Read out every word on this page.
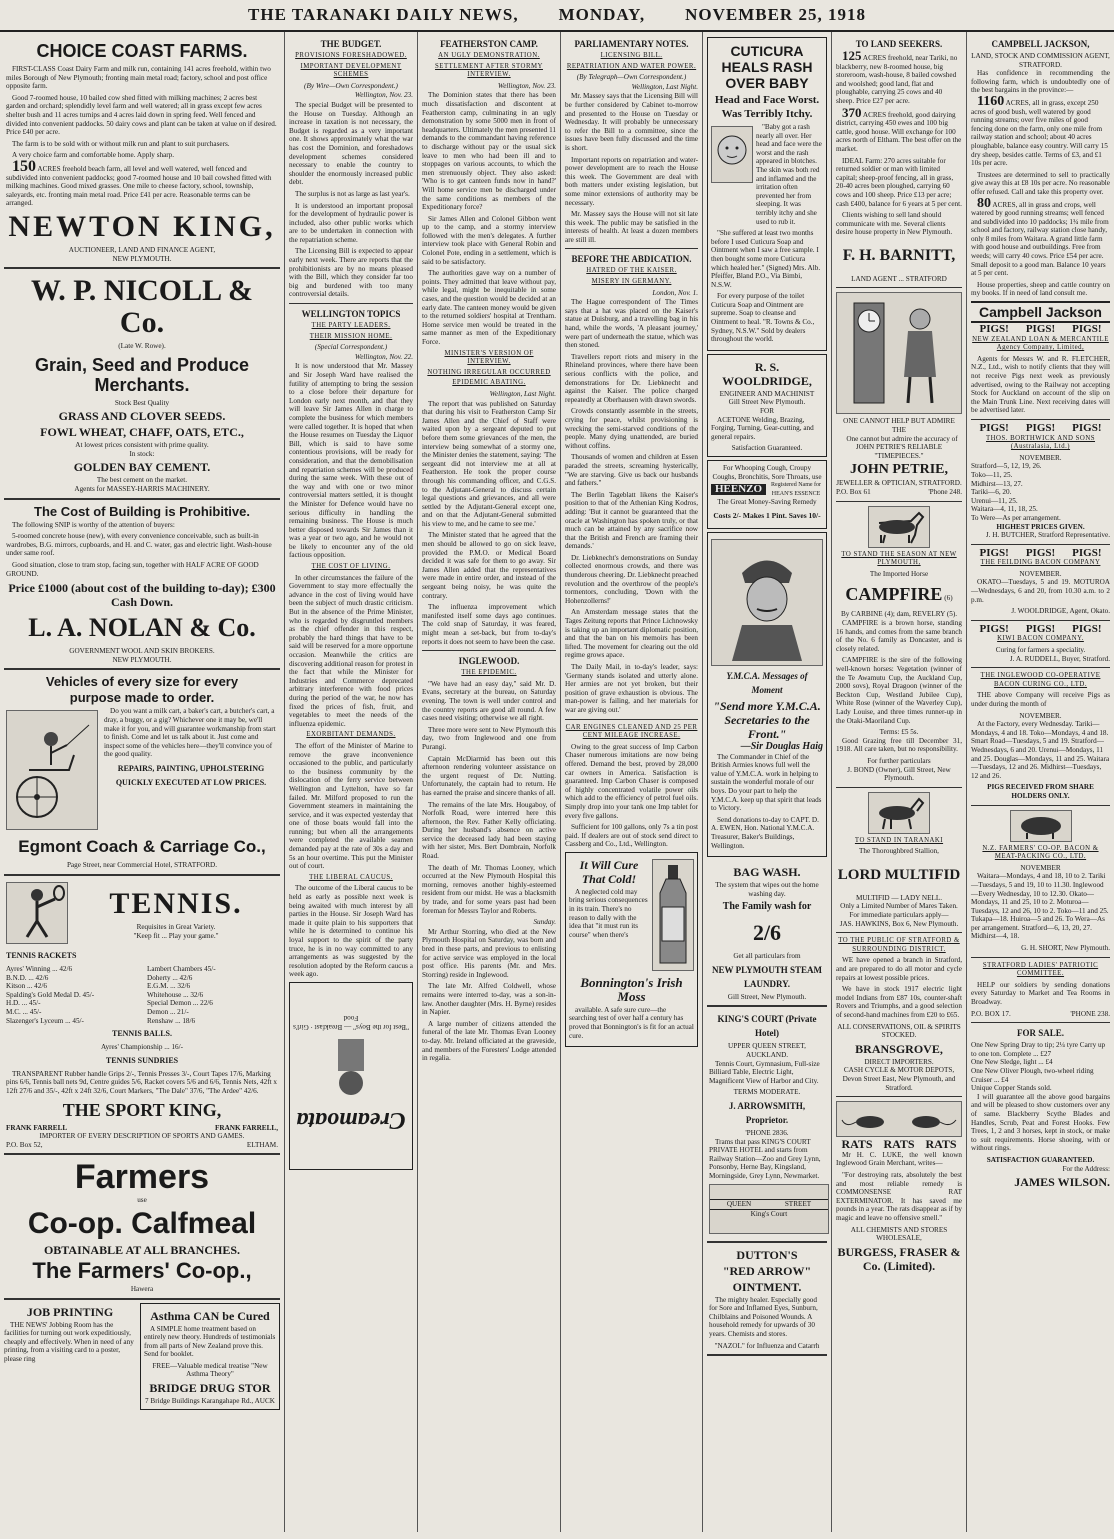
THE TARANAKI DAILY NEWS, MONDAY, NOVEMBER 25, 1918
CHOICE COAST FARMS.

FIRST-CLASS Coast Dairy Farm and milk run, containing 141 acres freehold, within two miles Borough of New Plymouth; fronting main metal road; factory, school and post office opposite farm.

Good 7-roomed house, 10 bailed cow shed fitted with milking machines; 2 acres best garden and orchard; splendidly level farm and well watered; all in grass except few acres shelter bush and 11 acres turnips and 4 acres laid down in spring feed. Well fenced and divided into convenient paddocks. 50 dairy cows and plant can be taken at value on if desired. Price £40 per acre.

The farm is to be sold with or without milk run and plant to suit purchasers.

A very choice farm and comfortable home. Apply sharp.

150 ACRES freehold beach farm, all level and well watered, well fenced and subdivided into convenient paddocks; good 7-roomed house and 10 bail cowshed fitted with milking machines. Good mixed grasses. One mile to cheese factory, school, township, saleyards, etc. fronting main metal road. Price £41 per acre. Reasonable terms can be arranged.

NEWTON KING,
AUCTIONEER, LAND AND FINANCE AGENT,
NEW PLYMOUTH.
W. P. NICOLL & Co.
(Late W. Rowe).
Grain, Seed and Produce Merchants.
Stock Best Quality
GRASS AND CLOVER SEEDS.
FOWL WHEAT, CHAFF, OATS, ETC.,
At lowest prices consistent with prime quality.
In stock:
GOLDEN BAY CEMENT.
The best cement on the market.
Agents for MASSEY-HARRIS MACHINERY.
The Cost of Building is Prohibitive.

The following SNIP is worthy of the attention of buyers:

5-roomed concrete house (new), with every convenience conceivable, such as built-in wardrobes, B.G. mirrors, cupboards, and H. and C. water, gas and electric light. Wash-house under same roof.

Good situation, close to tram stop, facing sun, together with HALF ACRE OF GOOD GROUND.

Price £1000 (about cost of the building to-day); £300 Cash Down.
L. A. NOLAN & Co.
GOVERNMENT WOOL AND SKIN BROKERS.
NEW PLYMOUTH.
Vehicles of every size for every
purpose made to order.

Do you want a milk cart, a baker's cart, a butcher's cart, a dray, a buggy, or a gig? Whichever one it may be, we'll make it for you, and will guarantee workmanship from start to finish. Come and let us talk about it. Just come and inspect some of the vehicles here—they'll convince you of the good quality.

REPAIRS, PAINTING, UPHOLSTERING QUICKLY EXECUTED AT LOW PRICES.
Egmont Coach & Carriage Co.,
Page Street, near Commercial Hotel, STRATFORD.
TENNIS.
Requisites in Great Variety.
"Keep fit ... Play your game."
TENNIS RACKETS
Ayres' Winning ... 42/6
B.N.D. ... 42/6
Kitson ... 42/6
Spalding's Gold Medal D. 45/-
H.D. ... 45/-
M.C. ... 45/-
Slazenger's Lyceum ... 45/-
Lambert Chambers 45/-
Doherty ... 42/6
E.G.M. ... 32/6
Whitehouse ... 32/6
Special Demon ... 22/6
Demon ... 21/-
Renshaw ... 18/6
TENNIS BALLS.
Ayres' Championship ... 16/-
TENNIS SUNDRIES

TRANSPARENT Rubber handle Grips 2/-, Tennis Presses 3/-, Court Tapes 17/6, Marking pins 6/6, Tennis ball nets 9d, Centre guides 5/6, Racket covers 5/6 and 6/6, Tennis Nets, 42ft x 12ft 27/6 and 35/-, 42ft x 24ft 32/6, Court Markers, "The Dale" 37/6, "The Ardee" 42/6.

THE SPORT KING,
FRANK FARRELL	FRANK FARRELL,
IMPORTER OF EVERY DESCRIPTION OF SPORTS AND GAMES.
P.O. Box 52,	ELTHAM.
Farmers
use
Co-op. Calfmeal
OBTAINABLE AT ALL BRANCHES.
The Farmers' Co-op.,
Hawera
JOB PRINTING

THE NEWS' Jobbing Room has the facilities for turning out work expeditiously, cheaply and effectively. When in need of any printing, from a visiting card to a poster, please ring

Asthma CAN be Cured

A SIMPLE home treatment based on entirely new theory. Hundreds of testimonials from all parts of New Zealand prove this. Send for booklet.

FREE—Valuable medical treatise "New Asthma Theory"
BRIDGE DRUG STOR
7 Bridge Buildings Karangahape Rd., AUCK
THE BUDGET.
PROVISIONS FORESHADOWED.
IMPORTANT DEVELOPMENT SCHEMES
(By Wire—Own Correspondent.)
Wellington, Nov. 23.

The special Budget will be presented to the House on Tuesday. Although an increase in taxation is not necessary, the Budget is regarded as a very important one. It shows approximately what the war has cost the Dominion, and foreshadows development schemes considered necessary to enable the country to shoulder the enormously increased public debt.

The surplus is not as large as last year's.

It is understood an important proposal for the development of hydraulic power is included, also other public works which are to be undertaken in connection with the repatriation scheme.

The Licensing Bill is expected to appear early next week. There are reports that the prohibitionists are by no means pleased with the Bill, which they consider far too big and burdened with too many controversial details.

WELLINGTON TOPICS
THE PARTY LEADERS.
THEIR MISSION HOME.
(Special Correspondent.)
Wellington, Nov. 22.

It is now understood that Mr. Massey and Sir Joseph Ward have realised the futility of attempting to bring the session to a close before their departure for London early next month, and that they will leave Sir James Allen in charge to complete the business for which members were called together. It is hoped that when the House resumes on Tuesday the Liquor Bill, which is said to have some contentious provisions, will be ready for consideration, and that the demobilisation and repatriation schemes will be produced during the same week. With these out of the way and with one or two minor controversial matters settled, it is thought the Minister for Defence would have no serious difficulty in handling the remaining business. The House is much better disposed towards Sir James than it was a year or two ago, and he would not be likely to encounter any of the old factious opposition.

THE COST OF LIVING.

In other circumstances the failure of the Government to stay more effectually the advance in the cost of living would have been the subject of much drastic criticism. But in the absence of the Prime Minister, who is regarded by disgruntled members as the chief offender in this respect, probably the hard things that have to be said will be reserved for a more opportune occasion. Meanwhile the critics are discovering additional reason for protest in the fact that while the Minister for Industries and Commerce deprecated arbitrary interference with food prices during the period of the war, he now has fixed the prices of fish, fruit, and vegetables to meet the needs of the influenza epidemic.

EXORBITANT DEMANDS.

The effort of the Minister of Marine to remove the grave inconvenience occasioned to the public, and particularly to the business community by the dislocation of the ferry service between Wellington and Lyttelton, have so far failed. Mr. Milford proposed to run the Government steamers in maintaining the service, and it was expected yesterday that one of those boats would fall into the running; but when all the arrangements were completed the available seamen demanded pay at the rate of 30s a day and 5s an hour overtime. This put the Minister out of court.

THE LIBERAL CAUCUS.

The outcome of the Liberal caucus to be held as early as possible next week is being awaited with much interest by all parties in the House. Sir Joseph Ward has made it quite plain to his supporters that while he is determined to continue his loyal support to the spirit of the party truce, he is in no way committed to any arrangements as was suggested by the resolution adopted by the Reform caucus a week ago.

Creamoata
"Best for the Boys" — Breakfast · Girl's Food
FEATHERSTON CAMP.
AN UGLY DEMONSTRATION.
SETTLEMENT AFTER STORMY INTERVIEW.
Wellington, Nov. 23.

The Dominion states that there has been much dissatisfaction and discontent at Featherston camp, culminating in an ugly demonstration by some 5000 men in front of headquarters. Ultimately the men presented 11 demands to the commandant having reference to discharge without pay or the usual sick leave to men who had been ill and to stoppages on various accounts, to which the men strenuously object. They also asked: 'Who is to get canteen funds now in hand?' Will home service men be discharged under the same conditions as members of the Expeditionary force?

Sir James Allen and Colonel Gibbon went up to the camp, and a stormy interview followed with the men's delegates. A further interview took place with General Robin and Colonel Pote, ending in a settlement, which is said to be satisfactory.

The authorities gave way on a number of points. They admitted that leave without pay, while legal, might be inequitable in some cases, and the question would be decided at an early date. The canteen money would be given to the returned soldiers' hospital at Trentham. Home service men would be treated in the same manner as men of the Expeditionary Force.

MINISTER'S VERSION OF INTERVIEW.
NOTHING IRREGULAR OCCURRED
EPIDEMIC ABATING.
Wellington, Last Night.

The report that was published on Saturday that during his visit to Featherston Camp Sir James Allen and the Chief of Staff were waited upon by a sergeant deputed to put before them some grievances of the men, the interview being somewhat of a stormy one, the Minister denies the statement, saying: 'The sergeant did not interview me at all at Featherston. He took the proper course through his commanding officer, and C.G.S. to the Adjutant-General to discuss certain legal questions and grievances, and all were settled by the Adjutant-General except one, and on that the Adjutant-General submitted his view to me, and he came to see me.'

The Minister stated that he agreed that the men should be allowed to go on sick leave, provided the P.M.O. or Medical Board decided it was safe for them to go away. Sir James Allen added that the representatives were made in entire order, and instead of the sergeant being noisy, he was quite the contrary.

The influenza improvement which manifested itself some days ago continues. The cold snap of Saturday, it was feared, might mean a set-back, but from to-day's reports it does not seem to have been the case.

INGLEWOOD.
THE EPIDEMIC.

"We have had an easy day," said Mr. D. Evans, secretary at the bureau, on Saturday evening. The town is well under control and the country reports are good all round. A few cases need visiting; otherwise we all right.

Three more were sent to New Plymouth this day, two from Inglewood and one from Purangi.

Captain McDiarmid has been out this afternoon rendering volunteer assistance on the urgent request of Dr. Nutting. Unfortunately, the captain had to return. He has earned the praise and sincere thanks of all.

The remains of the late Mrs. Hougaboy, of Norfolk Road, were interred here this afternoon, the Rev. Father Kelly officiating. During her husband's absence on active service the deceased lady had been staying with her sister, Mrs. Bert Dombrain, Norfolk Road.

The death of Mr. Thomas Looney, which occurred at the New Plymouth Hospital this morning, removes another highly-esteemed resident from our midst. He was a blacksmith by trade, and for some years past had been foreman for Messrs Taylor and Roberts.

Sunday.

Mr Arthur Storring, who died at the New Plymouth Hospital on Saturday, was born and bred in these parts, and previous to enlisting for active service was employed in the local post office. His parents (Mr. and Mrs. Storring) reside in Inglewood.

The late Mr. Alfred Coldwell, whose remains were interred to-day, was a son-in-law. Another daughter (Mrs. H. Byrne) resides in Napier.

A large number of citizens attended the funeral of the late Mr. Thomas Evan Looney to-day. Mr. Ireland officiated at the graveside, and members of the Foresters' Lodge attended in regalia.

PARLIAMENTARY NOTES.
LICENSING BILL.
REPATRIATION AND WATER POWER.
(By Telegraph—Own Correspondent.)
Wellington, Last Night.

Mr. Massey says that the Licensing Bill will be further considered by Cabinet to-morrow and presented to the House on Tuesday or Wednesday. It will probably be unnecessary to refer the Bill to a committee, since the issues have been fully discussed and the time is short.

Important reports on repatriation and water-power development are to reach the House this week. The Government are deal with both matters under existing legislation, but some minor extensions of authority may be necessary.

Mr. Massey says the House will not sit late this week. The public may be satisfied in the interests of health. At least a dozen members are still ill.

BEFORE THE ABDICATION.
HATRED OF THE KAISER.
MISERY IN GERMANY.
London, Nov. 1.

The Hague correspondent of The Times says that a hat was placed on the Kaiser's statue at Duisburg, and a travelling bag in his hand, while the words, 'A pleasant journey,' were part of underneath the statue, which was then stoned.

Travellers report riots and misery in the Rhineland provinces, where there have been serious conflicts with the police, and demonstrations for Dr. Liebknecht and against the Kaiser. The police charged repeatedly at Oberhausen with drawn swords.

Crowds constantly assemble in the streets, crying for peace, whilst provisioning is wrecking the semi-starved conditions of the people. Many dying unattended, are buried without coffins.

Thousands of women and children at Essen paraded the streets, screaming hysterically, "We are starving. Give us back our husbands and fathers."

The Berlin Tageblatt likens the Kaiser's position to that of the Athenian King Kodros, adding: 'But it cannot be guaranteed that the oracle at Washington has spoken truly, or that much can be attained by any sacrifice now that the British and French are framing their demands.'

Dr. Liebknecht's demonstrations on Sunday collected enormous crowds, and there was thunderous cheering. Dr. Liebknecht preached revolution and the overthrow of the people's tormentors, concluding, 'Down with the Hohenzollerns!'

An Amsterdam message states that the Tages Zeitung reports that Prince Lichnowsky is taking up an important diplomatic position, and that the ban on his memoirs has been lifted. The movement for clearing out the old regime grows apace.

The Daily Mail, in to-day's leader, says: 'Germany stands isolated and utterly alone. Her armies are not yet broken, but their position of grave exhaustion is obvious. The man-power is failing, and her materials for war are giving out.'

CAR ENGINES CLEANED AND 25 PER CENT MILEAGE INCREASE.

Owing to the great success of Imp Carbon Chaser numerous imitations are now being offered. Demand the best, proved by 28,000 car owners in America. Satisfaction is guaranteed. Imp Carbon Chaser is composed of highly concentrated volatile power oils which add to the efficiency of petrol fuel oils. Simply drop into your tank one Imp tablet for every five gallons.

Sufficient for 100 gallons, only 7s a tin post paid. If dealers are out of stock send direct to Cassberg and Co., Ltd., Wellington.

It Will Cure That Cold!

A neglected cold may bring serious consequences in its train. There's no reason to dally with the idea that "it must run its course" when there's

Bonnington's Irish Moss

available. A safe sure cure—the searching test of over half a century has proved that Bonnington's is fit for an actual cure.

CUTICURA HEALS RASH OVER BABY
Head and Face Worst. Was Terribly Itchy.

"Baby got a rash nearly all over. Her head and face were the worst and the rash appeared in blotches. The skin was both red and inflamed and the irritation often prevented her from sleeping. It was terribly itchy and she used to rub it.

"She suffered at least two months before I used Cuticura Soap and Ointment when I saw a free sample. I then bought some more Cuticura which healed her." (Signed) Mrs. Alb. Pfeiffer, Bland P.O., Via Bimbi, N.S.W.

For every purpose of the toilet Cuticura Soap and Ointment are supreme. Soap to cleanse and Ointment to heal. "R. Towns & Co., Sydney, N.S.W." Sold by dealers throughout the world.

R. S. WOOLDRIDGE,
ENGINEER AND MACHINIST
Gill Street New Plymouth.
FOR

ACETONE Welding, Brazing, Forging, Turning, Gear-cutting, and general repairs.

Satisfaction Guaranteed.
For Whooping Cough, Croupy Coughs, Bronchitis, Sore Throats, use
HEENZO	Registered Name for HEAN'S ESSENCE
The Great Money-Saving Remedy
Costs 2/- Makes 1 Pint. Saves 10/-
Y.M.C.A. Messages of Moment
"Send more Y.M.C.A. Secretaries to the Front."
—Sir Douglas Haig

The Commander in Chief of the British Armies knows full well the value of Y.M.C.A. work in helping to sustain the wonderful morale of our boys. Do your part to help the Y.M.C.A. keep up that spirit that leads to Victory.

Send donations to-day to CAPT. D. A. EWEN, Hon. National Y.M.C.A. Treasurer, Baker's Buildings, Wellington.

BAG WASH.
The system that wipes out the home washing day.
The Family wash for
2/6
Get all particulars from
NEW PLYMOUTH STEAM LAUNDRY.
Gill Street, New Plymouth.
KING'S COURT (Private Hotel)
UPPER QUEEN STREET, AUCKLAND.

Tennis Court, Gymnasium, Full-size Billiard Table, Electric Light, Magnificent View of Harbor and City.

TERMS MODERATE.
J. ARROWSMITH, Proprietor.
'PHONE 2836.

Trams that pass KING'S COURT PRIVATE HOTEL and starts from Railway Station—Zoo and Grey Lynn, Ponsonby, Herne Bay, Kingsland, Morningside, Grey Lynn, Newmarket.

QUEEN	STREET
King's Court
DUTTON'S
"RED ARROW"
OINTMENT.

The mighty healer. Especially good for Sore and Inflamed Eyes, Sunburn, Chilblains and Poisoned Wounds. A household remedy for upwards of 30 years. Chemists and stores.

"NAZOL" for Influenza and Catarrh
TO LAND SEEKERS.

125 ACRES freehold, near Tariki, no blackberry, new 8-roomed house, big storeroom, wash-house, 8 bailed cowshed and woolshed; good land, flat and ploughable, carrying 25 cows and 40 sheep. Price £27 per acre.

370 ACRES freehold, good dairying district, carrying 450 ewes and 100 big cattle, good house. Will exchange for 100 acres north of Eltham. The best offer on the market.

IDEAL Farm: 270 acres suitable for returned soldier or man with limited capital; sheep-proof fencing, all in grass, 20-40 acres been ploughed, carrying 60 cows and 100 sheep. Price £13 per acre; cash £400, balance for 6 years at 5 per cent.

Clients wishing to sell land should communicate with me. Several clients desire house property in New Plymouth.

F. H. BARNITT,
LAND AGENT ... STRATFORD
ONE CANNOT HELP BUT ADMIRE THE

One cannot but admire the accuracy of JOHN PETRIE'S RELIABLE "TIMEPIECES."

JOHN PETRIE,
JEWELLER & OPTICIAN, STRATFORD.
P.O. Box 61	'Phone 248.
TO STAND THE SEASON AT NEW PLYMOUTH,
The Imported Horse
CAMPFIRE (6)
By CARBINE (4); dam, REVELRY (5).

CAMPFIRE is a brown horse, standing 16 hands, and comes from the same branch of the No. 6 family as Doncaster, and is closely related.

CAMPFIRE is the sire of the following well-known horses: Vegetation (winner of the Te Awamutu Cup, the Auckland Cup, 2000 sovs), Royal Dragoon (winner of the Beckton Cup, Westland Jubilee Cup), White Rose (winner of the Waverley Cup), Lady Louise, and three times runner-up in the Otaki-Maoriland Cup.

Terms: £5 5s.

Good Grazing free till December 31, 1918. All care taken, but no responsibility.

For further particulars
J. BOND (Owner), Gill Street, New Plymouth.
TO STAND IN TARANAKI
The Thoroughbred Stallion,
LORD MULTIFID
MULTIFID — LADY NELL.
Only a Limited Number of Mares Taken.
For immediate particulars apply—
JAS. HAWKINS, Box 6, New Plymouth.
TO THE PUBLIC OF STRATFORD & SURROUNDING DISTRICT.

WE have opened a branch in Stratford, and are prepared to do all motor and cycle repairs at lowest possible prices.

We have in stock 1917 electric light model Indians from £87 10s, counter-shaft Rovers and Triumphs, and a good selection of second-hand machines from £20 to £65.

ALL CONSERVATIONS, OIL & SPIRITS STOCKED.
BRANSGROVE,
DIRECT IMPORTERS.
CASH CYCLE & MOTOR DEPOTS,
Devon Street East, New Plymouth, and Stratford.
RATS RATS RATS

Mr H. C. LUKE, the well known Inglewood Grain Merchant, writes—

"For destroying rats, absolutely the best and most reliable remedy is COMMONSENSE RAT EXTERMINATOR. It has saved me pounds in a year. The rats disappear as if by magic and leave no offensive smell."

ALL CHEMISTS AND STORES WHOLESALE,
BURGESS, FRASER & Co. (Limited).
CAMPBELL JACKSON,
LAND, STOCK AND COMMISSION AGENT, STRATFORD.

Has confidence in recommending the following farm, which is undoubtedly one of the best bargains in the province:—

1160 ACRES, all in grass, except 250 acres of good bush, well watered by good running streams; over five miles of good fencing done on the farm, only one mile from railway station and school; about 40 acres ploughable, balance easy country. Will carry 15 dry sheep, besides cattle. Terms of £3, and £1 10s per acre.

Trustees are determined to sell to practically give away this at £8 10s per acre. No reasonable offer refused. Call and take this property over.

80 ACRES, all in grass and crops, well watered by good running streams; well fenced and subdivided into 10 paddocks; 1¾ mile from school and factory, railway station close handy, only 8 miles from Waitara. A grand little farm with good house and outbuildings. Free from weeds; will carry 40 cows. Price £54 per acre. Small deposit to a good man. Balance 10 years at 5 per cent.

House properties, sheep and cattle country on my books. If in need of land consult me.

Campbell Jackson
PIGS! PIGS! PIGS!
NEW ZEALAND LOAN & MERCANTILE Agency Company, Limited,

Agents for Messrs W. and R. FLETCHER, N.Z., Ltd., wish to notify clients that they will not receive Pigs next week as previously advertised, owing to the Railway not accepting Stock for Auckland on account of the slip on the Main Trunk Line. Next receiving dates will be advertised later.

PIGS! PIGS! PIGS!
THOS. BORTHWICK AND SONS (Australasia, Ltd.)
NOVEMBER.
Stratford—5, 12, 19, 26.
Toko—11, 25.
Midhirst—13, 27.
Tariki—6, 20.
Urenui—11, 25.
Waitara—4, 11, 18, 25.
To Were—As per arrangement.
HIGHEST PRICES GIVEN.
J. H. BUTCHER, Stratford Representative.
PIGS! PIGS! PIGS!
THE FEILDING BACON COMPANY
NOVEMBER.

OKATO—Tuesdays, 5 and 19. MOTUROA—Wednesdays, 6 and 20, from 10.30 a.m. to 2 p.m.

J. WOOLDRIDGE, Agent, Okato.
PIGS! PIGS! PIGS!
KIWI BACON COMPANY.
Curing for farmers a speciality.
J. A. RUDDELL, Buyer, Stratford.
THE INGLEWOOD CO-OPERATIVE BACON CURING CO., LTD.

THE above Company will receive Pigs as under during the month of

NOVEMBER.

At the Factory, every Wednesday. Tariki—Mondays, 4 and 18. Toko—Mondays, 4 and 18. Smart Road—Tuesdays, 5 and 19. Stratford—Wednesdays, 6 and 20. Urenui—Mondays, 11 and 25. Douglas—Mondays, 11 and 25. Waitara—Tuesdays, 12 and 26. Midhirst—Tuesdays, 12 and 26.

PIGS RECEIVED FROM SHARE HOLDERS ONLY.
N.Z. FARMERS' CO-OP. BACON & MEAT-PACKING CO., LTD.
NOVEMBER

Waitara—Mondays, 4 and 18, 10 to 2. Tariki—Tuesdays, 5 and 19, 10 to 11.30. Inglewood—Every Wednesday, 10 to 12.30. Okato—Mondays, 11 and 25, 10 to 2. Moturoa—Tuesdays, 12 and 26, 10 to 2. Toko—11 and 25. Tukapa—18. Huiroa—5 and 26. To Wera—As per arrangement. Stratford—6, 13, 20, 27. Midhirst—4, 18.

G. H. SHORT, New Plymouth.
STRATFORD LADIES' PATRIOTIC COMMITTEE.

HELP our soldiers by sending donations every Saturday to Market and Tea Rooms in Broadway.

P.O. BOX 17.	'PHONE 238.
FOR SALE.
One New Spring Dray to tip; 2¼ tyre Carry up to one ton. Complete ... £27
One New Sledge, light ... £4
One New Oliver Plough, two-wheel riding Cruiser ... £4
Unique Copper Stands sold.

I will guarantee all the above good bargains and will be pleased to show customers over any of same. Blackberry Scythe Blades and Handles, Scrub, Peat and Forest Hooks. Few Trees, 1, 2 and 3 horses, kept in stock, or make to suit requirements. Horse shoeing, with or without rings.

SATISFACTION GUARANTEED.
For the Address:
JAMES WILSON.
